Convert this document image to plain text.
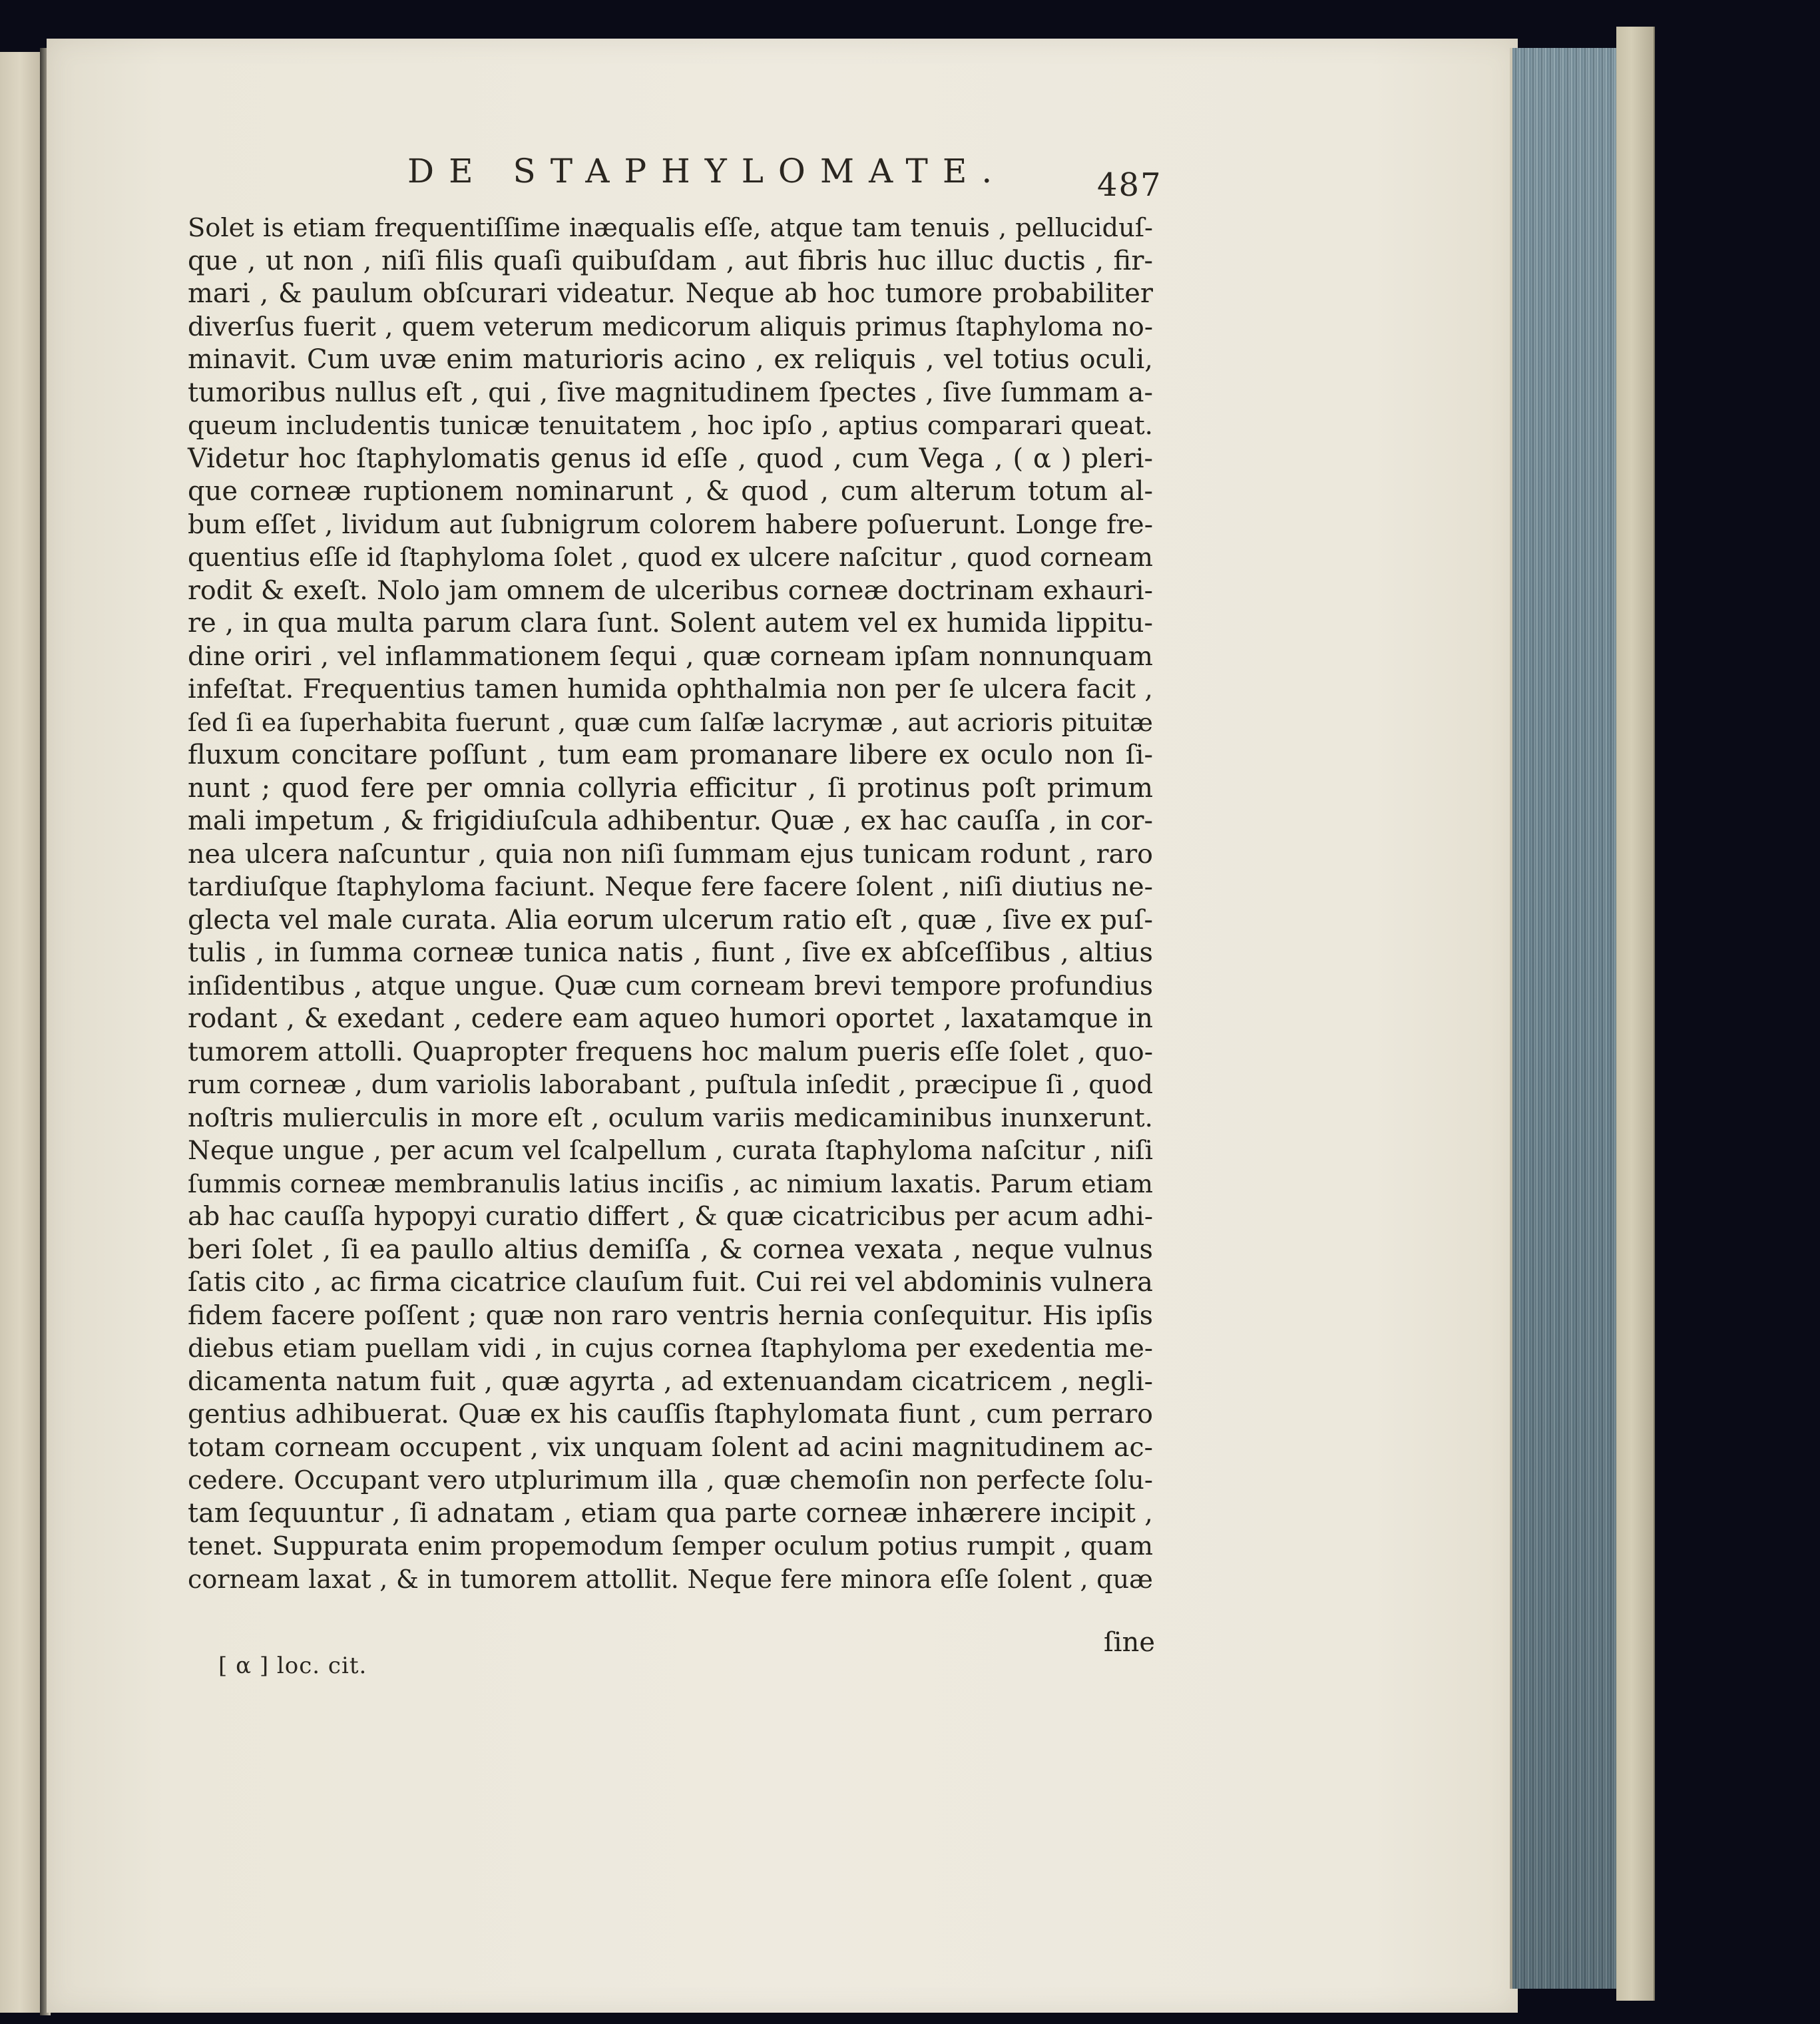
DE STAPHYLOMATE.	487
Solet is etiam frequentiſſime inæqualis eſſe, atque tam tenuis , pelluciduſ-
que , ut non , niſi filis quaſi quibuſdam , aut fibris huc illuc ductis , fir-
mari , & paulum obſcurari videatur. Neque ab hoc tumore probabiliter
diverſus fuerit , quem veterum medicorum aliquis primus ſtaphyloma no-
minavit. Cum uvæ enim maturioris acino , ex reliquis , vel totius oculi,
tumoribus nullus eſt , qui , ſive magnitudinem ſpectes , ſive ſummam a-
queum includentis tunicæ tenuitatem , hoc ipſo , aptius comparari queat.
Videtur hoc ſtaphylomatis genus id eſſe , quod , cum Vega , ( α ) pleri-
que corneæ ruptionem nominarunt , & quod , cum alterum totum al-
bum eſſet , lividum aut ſubnigrum colorem habere poſuerunt. Longe fre-
quentius eſſe id ſtaphyloma ſolet , quod ex ulcere naſcitur , quod corneam
rodit & exeſt. Nolo jam omnem de ulceribus corneæ doctrinam exhauri-
re , in qua multa parum clara ſunt. Solent autem vel ex humida lippitu-
dine oriri , vel inflammationem ſequi , quæ corneam ipſam nonnunquam
infeſtat. Frequentius tamen humida ophthalmia non per ſe ulcera facit ,
ſed ſi ea ſuperhabita fuerunt , quæ cum ſalſæ lacrymæ , aut acrioris pituitæ
fluxum concitare poſſunt , tum eam promanare libere ex oculo non ſi-
nunt ; quod fere per omnia collyria efficitur , ſi protinus poſt primum
mali impetum , & frigidiuſcula adhibentur. Quæ , ex hac cauſſa , in cor-
nea ulcera naſcuntur , quia non niſi ſummam ejus tunicam rodunt , raro
tardiuſque ſtaphyloma faciunt. Neque fere facere ſolent , niſi diutius ne-
glecta vel male curata. Alia eorum ulcerum ratio eſt , quæ , ſive ex puſ-
tulis , in ſumma corneæ tunica natis , fiunt , ſive ex abſceſſibus , altius
inſidentibus , atque ungue. Quæ cum corneam brevi tempore profundius
rodant , & exedant , cedere eam aqueo humori oportet , laxatamque in
tumorem attolli. Quapropter frequens hoc malum pueris eſſe ſolet , quo-
rum corneæ , dum variolis laborabant , puſtula inſedit , præcipue ſi , quod
noſtris mulierculis in more eſt , oculum variis medicaminibus inunxerunt.
Neque ungue , per acum vel ſcalpellum , curata ſtaphyloma naſcitur , niſi
ſummis corneæ membranulis latius inciſis , ac nimium laxatis. Parum etiam
ab hac cauſſa hypopyi curatio differt , & quæ cicatricibus per acum adhi-
beri ſolet , ſi ea paullo altius demiſſa , & cornea vexata , neque vulnus
ſatis cito , ac firma cicatrice clauſum fuit. Cui rei vel abdominis vulnera
fidem facere poſſent ; quæ non raro ventris hernia conſequitur. His ipſis
diebus etiam puellam vidi , in cujus cornea ſtaphyloma per exedentia me-
dicamenta natum fuit , quæ agyrta , ad extenuandam cicatricem , negli-
gentius adhibuerat. Quæ ex his cauſſis ſtaphylomata fiunt , cum perraro
totam corneam occupent , vix unquam ſolent ad acini magnitudinem ac-
cedere. Occupant vero utplurimum illa , quæ chemoſin non perfecte ſolu-
tam ſequuntur , ſi adnatam , etiam qua parte corneæ inhærere incipit ,
tenet. Suppurata enim propemodum ſemper oculum potius rumpit , quam
corneam laxat , & in tumorem attollit. Neque fere minora eſſe ſolent , quæ
ſine
[ α ] loc. cit.
